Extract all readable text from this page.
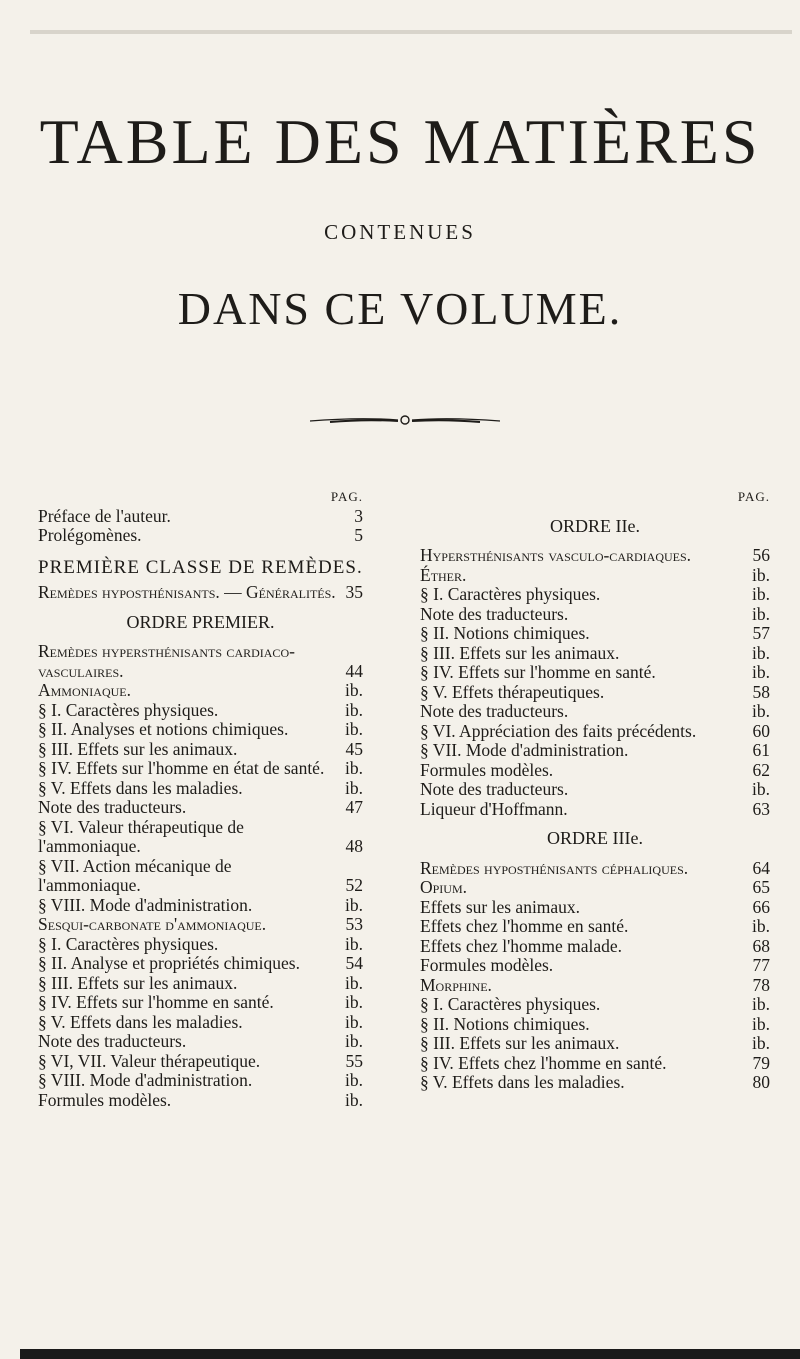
TABLE DES MATIÈRES
CONTENUES
DANS CE VOLUME.
PAG.
Préface de l'auteur.	3
Prolégomènes.	5
PREMIÈRE CLASSE DE REMÈDES.
Remèdes hyposthénisants. — Généralités. 35
ORDRE PREMIER.
Remèdes hypersthénisants cardiaco-vasculaires.	44
Ammoniaque.	ib.
§ I. Caractères physiques.	ib.
§ II. Analyses et notions chimiques.	ib.
§ III. Effets sur les animaux.	45
§ IV. Effets sur l'homme en état de santé.	ib.
§ V. Effets dans les maladies.	ib.
Note des traducteurs.	47
§ VI. Valeur thérapeutique de l'ammoniaque.	48
§ VII. Action mécanique de l'ammoniaque.	52
§ VIII. Mode d'administration.	ib.
Sesqui-carbonate d'ammoniaque.	53
§ I. Caractères physiques.	ib.
§ II. Analyse et propriétés chimiques.	54
§ III. Effets sur les animaux.	ib.
§ IV. Effets sur l'homme en santé.	ib.
§ V. Effets dans les maladies.	ib.
Note des traducteurs.	ib.
§ VI, VII. Valeur thérapeutique.	55
§ VIII. Mode d'administration.	ib.
Formules modèles.	ib.
PAG.
ORDRE IIe.
Hypersthénisants vasculo-cardiaques.	56
Éther.	ib.
§ I. Caractères physiques.	ib.
Note des traducteurs.	ib.
§ II. Notions chimiques.	57
§ III. Effets sur les animaux.	ib.
§ IV. Effets sur l'homme en santé.	ib.
§ V. Effets thérapeutiques.	58
Note des traducteurs.	ib.
§ VI. Appréciation des faits précédents.	60
§ VII. Mode d'administration.	61
Formules modèles.	62
Note des traducteurs.	ib.
Liqueur d'Hoffmann.	63
ORDRE IIIe.
Remèdes hyposthénisants céphaliques.	64
Opium.	65
Effets sur les animaux.	66
Effets chez l'homme en santé.	ib.
Effets chez l'homme malade.	68
Formules modèles.	77
Morphine.	78
§ I. Caractères physiques.	ib.
§ II. Notions chimiques.	ib.
§ III. Effets sur les animaux.	ib.
§ IV. Effets chez l'homme en santé.	79
§ V. Effets dans les maladies.	80
